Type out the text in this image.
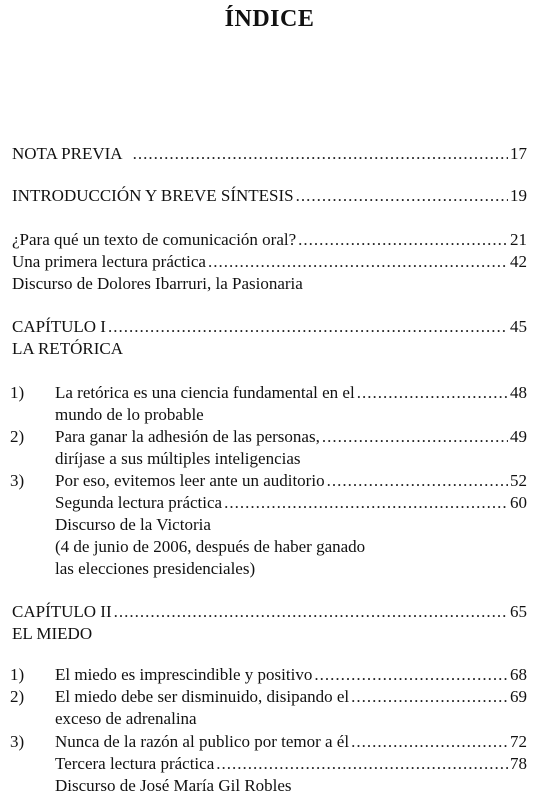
ÍNDICE
NOTA PREVIA .....	17
INTRODUCCIÓN Y BREVE SÍNTESIS .....	19
¿Para qué un texto de comunicación oral? .....	21
Una primera lectura práctica .....	42
Discurso de Dolores Ibarruri, la Pasionaria
CAPÍTULO I .....	45
LA RETÓRICA
1)	La retórica es una ciencia fundamental en el .....	48
mundo de lo probable
2)	Para ganar la adhesión de las personas, .....	49
diríjase a sus múltiples inteligencias
3)	Por eso, evitemos leer ante un auditorio .....	52
Segunda lectura práctica .....	60
Discurso de la Victoria
(4 de junio de 2006, después de haber ganado
las elecciones presidenciales)
CAPÍTULO II .....	65
EL MIEDO
1)	El miedo es imprescindible y positivo .....	68
2)	El miedo debe ser disminuido, disipando el .....	69
exceso de adrenalina
3)	Nunca de la razón al publico por temor a él .....	72
Tercera lectura práctica .....	78
Discurso de José María Gil Robles
